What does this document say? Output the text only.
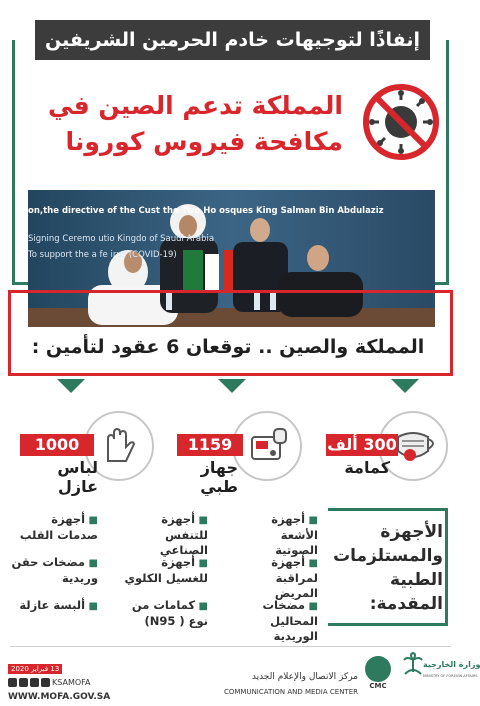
إنفاذًا لتوجيهات خادم الحرمين الشريفين
المملكة تدعم الصين في
مكافحة فيروس كورونا
on,the directive of the Cust the Two Ho osques King Salman Bin Abdulaziz
Signing Ceremo utio Kingdo of Saudi Arabia
To support the a fe irus (COVID-19)
المملكة والصين .. توقعان 6 عقود لتأمين :
300 ألف
كمامة
1159
جهاز طبي
1000
لباس عازل
الأجهزة
والمستلزمات
الطبية
المقدمة:
■ أجهزة الأشعة الصوتية
■ أجهزة لمراقبة المريض
■ مضخات المحاليل الوريدية
■ أجهزة للتنفس الصناعي
■ أجهزة للغسيل الكلوي
■ كمامات من نوع ( N95)
■ أجهزة صدمات القلب
■ مضخات حقن وريدية
■ ألبسة عازلة
13 فبراير 2020
KSAMOFA
WWW.MOFA.GOV.SA
مركز الاتصال والإعلام الجديد
COMMUNICATION AND MEDIA CENTER
CMC
وزارة الخارجية
MINISTRY OF FOREIGN AFFAIRS
